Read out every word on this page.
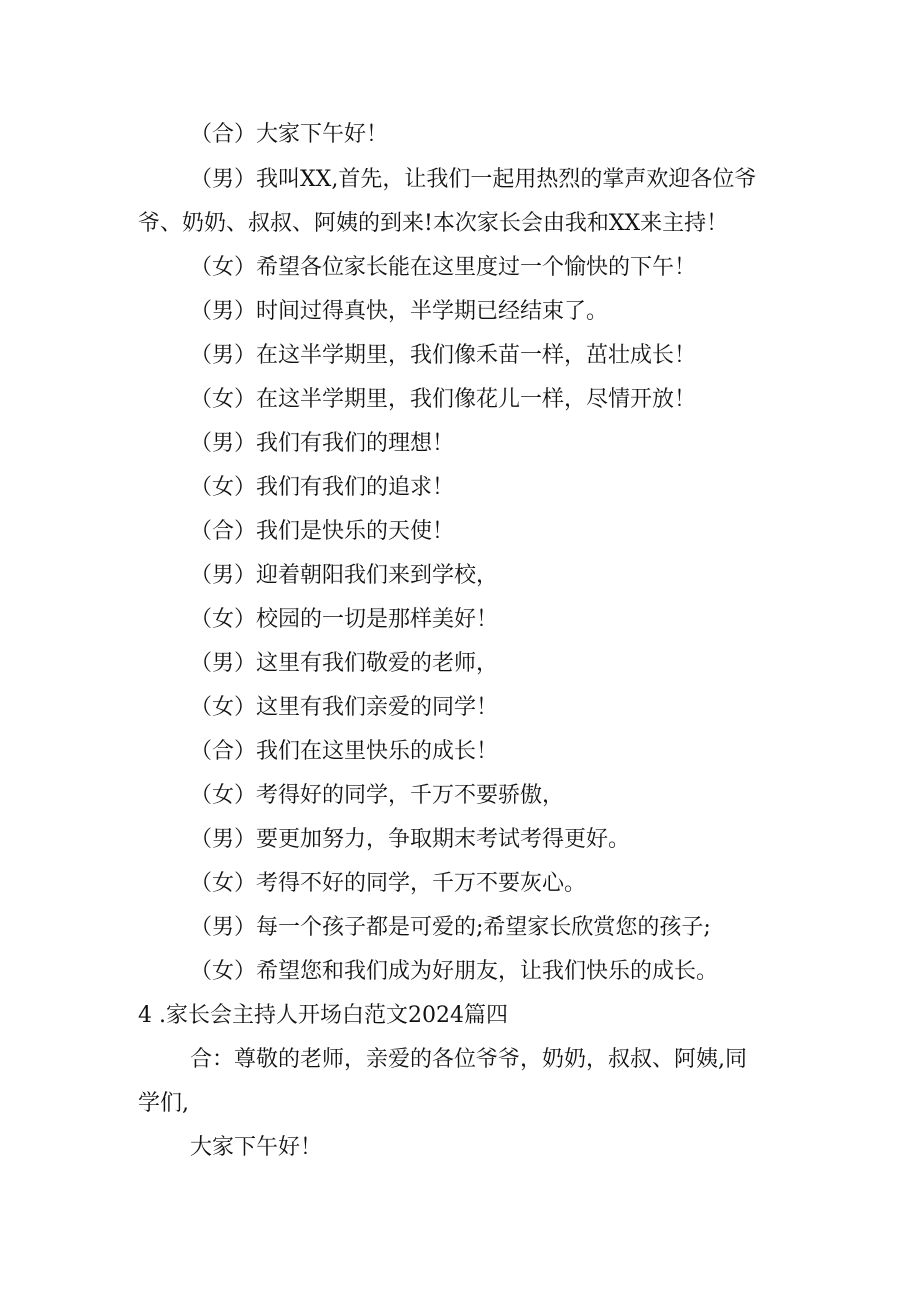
（合）大家下午好！
（男）我叫XX,首先，让我们一起用热烈的掌声欢迎各位爷
爷、奶奶、叔叔、阿姨的到来!本次家长会由我和XX来主持！
（女）希望各位家长能在这里度过一个愉快的下午！
（男）时间过得真快，半学期已经结束了。
（男）在这半学期里，我们像禾苗一样，茁壮成长！
（女）在这半学期里，我们像花儿一样，尽情开放！
（男）我们有我们的理想！
（女）我们有我们的追求！
（合）我们是快乐的天使！
（男）迎着朝阳我们来到学校，
（女）校园的一切是那样美好！
（男）这里有我们敬爱的老师，
（女）这里有我们亲爱的同学！
（合）我们在这里快乐的成长！
（女）考得好的同学，千万不要骄傲，
（男）要更加努力，争取期末考试考得更好。
（女）考得不好的同学，千万不要灰心。
（男）每一个孩子都是可爱的;希望家长欣赏您的孩子;
（女）希望您和我们成为好朋友，让我们快乐的成长。
4 .家长会主持人开场白范文2024篇四
合：尊敬的老师，亲爱的各位爷爷，奶奶，叔叔、阿姨,同
学们,
大家下午好！
